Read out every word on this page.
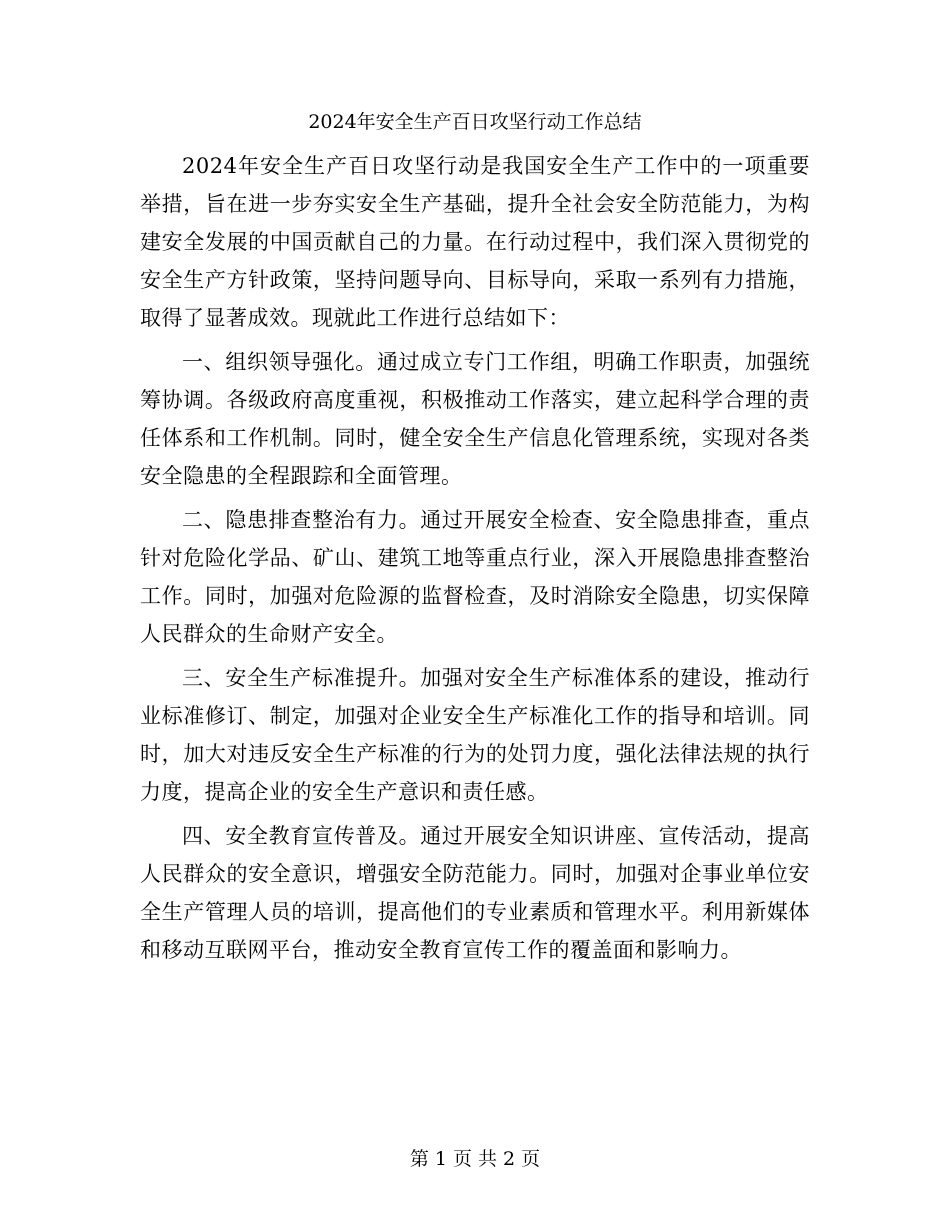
2024年安全生产百日攻坚行动工作总结

2024年安全生产百日攻坚行动是我国安全生产工作中的一项重要举措，旨在进一步夯实安全生产基础，提升全社会安全防范能力，为构建安全发展的中国贡献自己的力量。在行动过程中，我们深入贯彻党的安全生产方针政策，坚持问题导向、目标导向，采取一系列有力措施，取得了显著成效。现就此工作进行总结如下：

一、组织领导强化。通过成立专门工作组，明确工作职责，加强统筹协调。各级政府高度重视，积极推动工作落实，建立起科学合理的责任体系和工作机制。同时，健全安全生产信息化管理系统，实现对各类安全隐患的全程跟踪和全面管理。

二、隐患排查整治有力。通过开展安全检查、安全隐患排查，重点针对危险化学品、矿山、建筑工地等重点行业，深入开展隐患排查整治工作。同时，加强对危险源的监督检查，及时消除安全隐患，切实保障人民群众的生命财产安全。

三、安全生产标准提升。加强对安全生产标准体系的建设，推动行业标准修订、制定，加强对企业安全生产标准化工作的指导和培训。同时，加大对违反安全生产标准的行为的处罚力度，强化法律法规的执行力度，提高企业的安全生产意识和责任感。

四、安全教育宣传普及。通过开展安全知识讲座、宣传活动，提高人民群众的安全意识，增强安全防范能力。同时，加强对企事业单位安全生产管理人员的培训，提高他们的专业素质和管理水平。利用新媒体和移动互联网平台，推动安全教育宣传工作的覆盖面和影响力。

第 1 页 共 2 页
